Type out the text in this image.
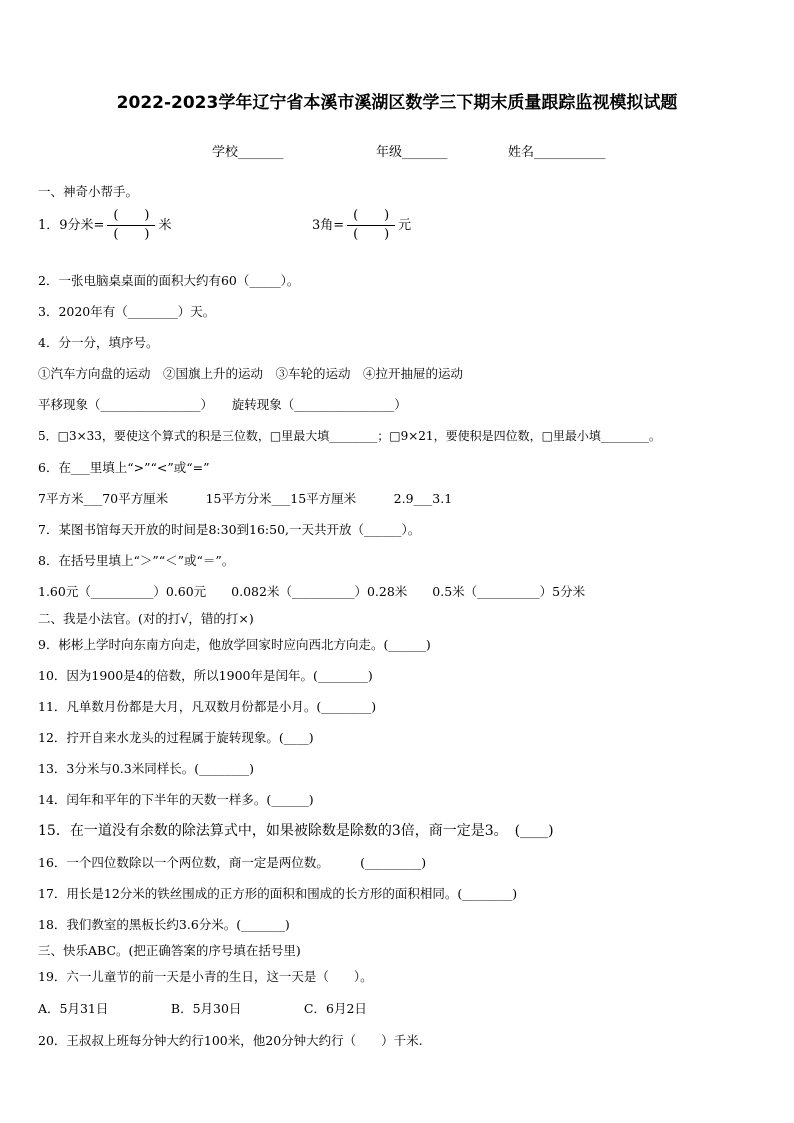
2022-2023学年辽宁省本溪市溪湖区数学三下期末质量跟踪监视模拟试题
学校_______	年级_______	姓名___________
一、神奇小帮手。
1．9分米= $\frac{( )}{( )}$ 米	3角= $\frac{( )}{( )}$ 元
2．一张电脑桌桌面的面积大约有60（_____）。
3．2020年有（________）天。
4．分一分，填序号。
①汽车方向盘的运动　②国旗上升的运动　③车轮的运动　④拉开抽屉的运动
平移现象（________________）　　旋转现象（________________）
5．□3×33，要使这个算式的积是三位数，□里最大填________；□9×21，要使积是四位数，□里最小填________。
6．在___里填上“>”“<”或“=”
7平方米___70平方厘米　　　15平方分米___15平方厘米　　　2.9___3.1
7．某图书馆每天开放的时间是8:30到16:50,一天共开放（______）。
8．在括号里填上“＞”“＜”或“＝”。
1.60元（__________）0.60元　　0.082米（__________）0.28米　　0.5米（__________）5分米
二、我是小法官。(对的打√，错的打×)
9．彬彬上学时向东南方向走，他放学回家时应向西北方向走。(______)
10．因为1900是4的倍数，所以1900年是闰年。(________)
11．凡单数月份都是大月，凡双数月份都是小月。(________)
12．拧开自来水龙头的过程属于旋转现象。(____)
13．3分米与0.3米同样长。(________)
14．闰年和平年的下半年的天数一样多。(______)
15．在一道没有余数的除法算式中，如果被除数是除数的3倍，商一定是3。　(____)
16．一个四位数除以一个两位数，商一定是两位数。　　　(_________)
17．用长是12分米的铁丝围成的正方形的面积和围成的长方形的面积相同。(________)
18．我们教室的黑板长约3.6分米。(_______)
三、快乐ABC。(把正确答案的序号填在括号里)
19．六一儿童节的前一天是小青的生日，这一天是（　　）。
A．5月31日　　　　　B．5月30日　　　　　C．6月2日
20．王叔叔上班每分钟大约行100米，他20分钟大约行（　　）千米.
